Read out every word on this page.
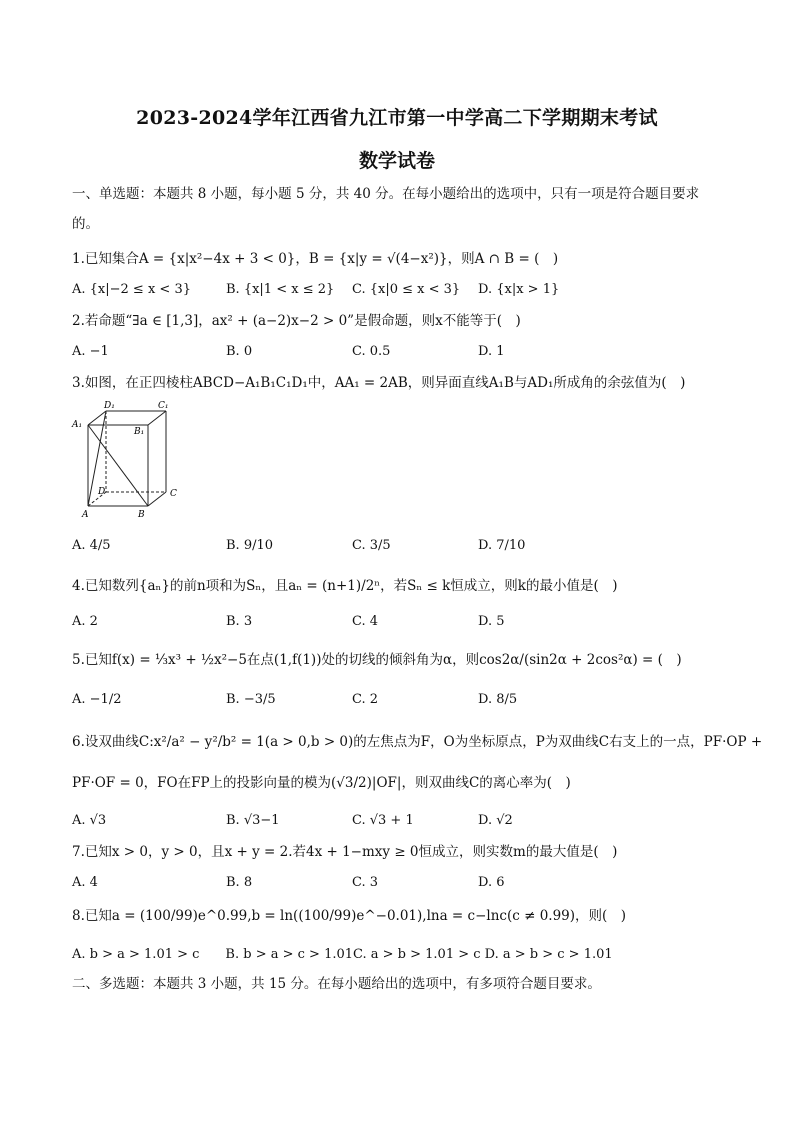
2023-2024学年江西省九江市第一中学高二下学期期末考试
数学试卷
一、单选题：本题共 8 小题，每小题 5 分，共 40 分。在每小题给出的选项中，只有一项是符合题目要求
的。
1.已知集合A = {x|x²−4x + 3 < 0}，B = {x|y = √(4−x²)}，则A ∩ B = (　)
A. {x|−2 ≤ x < 3}	B. {x|1 < x ≤ 2} C. {x|0 ≤ x < 3} D. {x|x > 1}
2.若命题“∃a ∈ [1,3]，ax² + (a−2)x−2 > 0”是假命题，则x不能等于(　)
A. −1	B. 0	C. 0.5	D. 1
3.如图，在正四棱柱ABCD−A₁B₁C₁D₁中，AA₁ = 2AB，则异面直线A₁B与AD₁所成角的余弦值为(　)
D₁	C₁
A₁
B₁
D	C
A	B
A. 4/5	B. 9/10	C. 3/5	D. 7/10
4.已知数列{aₙ}的前n项和为Sₙ，且aₙ = (n+1)/2ⁿ，若Sₙ ≤ k恒成立，则k的最小值是(　)
A. 2	B. 3	C. 4	D. 5
5.已知f(x) = ⅓x³ + ½x²−5在点(1,f(1))处的切线的倾斜角为α，则cos2α/(sin2α + 2cos²α) = (　)
A. −1/2	B. −3/5	C. 2	D. 8/5
6.设双曲线C:x²/a² − y²/b² = 1(a > 0,b > 0)的左焦点为F，O为坐标原点，P为双曲线C右支上的一点，PF·OP +
PF·OF = 0，FO在FP上的投影向量的模为(√3/2)|OF|，则双曲线C的离心率为(　)
A. √3	B. √3−1	C. √3 + 1	D. √2
7.已知x > 0，y > 0，且x + y = 2.若4x + 1−mxy ≥ 0恒成立，则实数m的最大值是(　)
A. 4	B. 8	C. 3	D. 6
8.已知a = (100/99)e^0.99,b = ln((100/99)e^−0.01),lna = c−lnc(c ≠ 0.99)，则(　)
A. b > a > 1.01 > c　　B. b > a > c > 1.01C. a > b > 1.01 > c D. a > b > c > 1.01
二、多选题：本题共 3 小题，共 15 分。在每小题给出的选项中，有多项符合题目要求。
